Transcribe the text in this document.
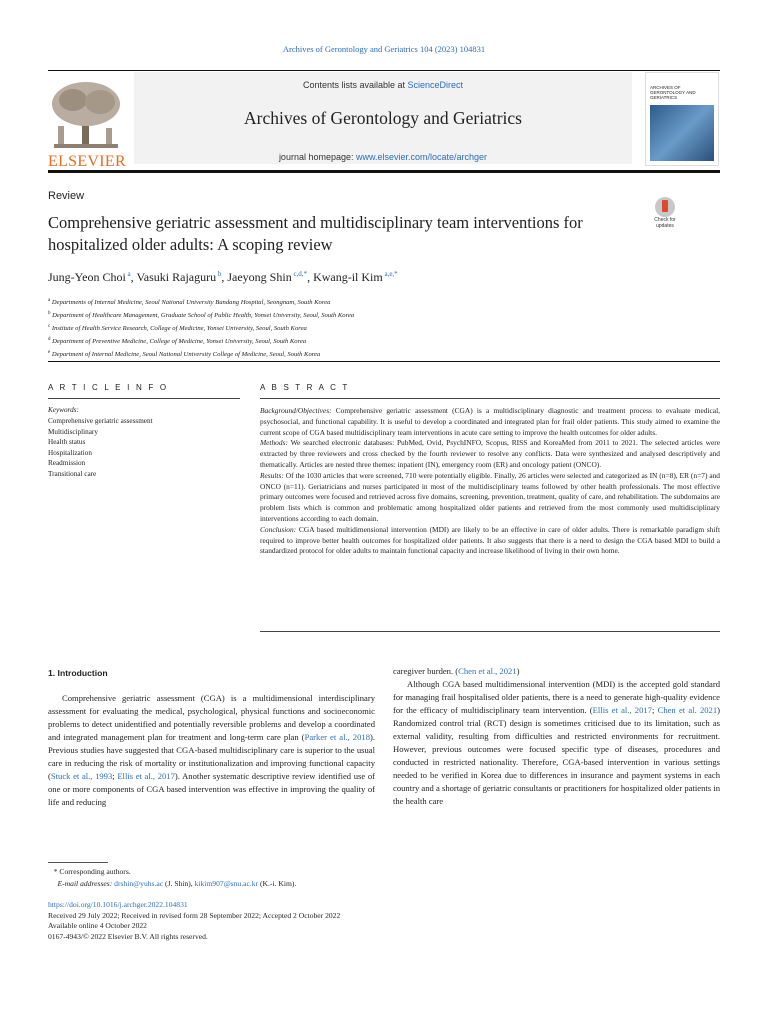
Archives of Gerontology and Geriatrics 104 (2023) 104831
ELSEVIER
Contents lists available at ScienceDirect
Archives of Gerontology and Geriatrics
journal homepage: www.elsevier.com/locate/archger
ARCHIVES OF GERONTOLOGY AND GERIATRICS
Review
Comprehensive geriatric assessment and multidisciplinary team interventions for hospitalized older adults: A scoping review
Check for updates
Jung-Yeon Choi $^a$, Vasuki Rajaguru $^b$, Jaeyong Shin $^{c,d,*}$, Kwang-il Kim $^{a,e,*}$
$^a$ Departments of Internal Medicine, Seoul National University Bundang Hospital, Seongnam, South Korea
$^b$ Department of Healthcare Management, Graduate School of Public Health, Yonsei University, Seoul, South Korea
$^c$ Institute of Health Service Research, College of Medicine, Yonsei University, Seoul, South Korea
$^d$ Department of Preventive Medicine, College of Medicine, Yonsei University, Seoul, South Korea
$^e$ Department of Internal Medicine, Seoul National University College of Medicine, Seoul, South Korea
A R T I C L E I N F O	A B S T R A C T
Keywords:
Comprehensive geriatric assessment
Multidisciplinary
Health status
Hospitalization
Readmission
Transitional care

Background/Objectives: Comprehensive geriatric assessment (CGA) is a multidisciplinary diagnostic and treatment process to evaluate medical, psychosocial, and functional capability. It is useful to develop a coordinated and integrated plan for frail older patients. This study aimed to examine the current scope of CGA based multidisciplinary team interventions in acute care setting to improve the health outcomes for older adults.

Methods: We searched electronic databases: PubMed, Ovid, PsychINFO, Scopus, RISS and KoreaMed from 2011 to 2021. The selected articles were extracted by three reviewers and cross checked by the fourth reviewer to resolve any conflicts. Data were synthesized and analysed descriptively and thematically. Articles are nested three themes: inpatient (IN), emergency room (ER) and oncology patient (ONCO).

Results: Of the 1030 articles that were screened, 710 were potentially eligible. Finally, 26 articles were selected and categorized as IN (n=8), ER (n=7) and ONCO (n=11). Geriatricians and nurses participated in most of the multidisciplinary teams followed by other health professionals. The most effective primary outcomes were focused and retrieved across five domains, screening, prevention, treatment, quality of care, and rehabilitation. The subdomains are problem lists which is common and problematic among hospitalized older patients and retrieved from the most commonly used multidisciplinary interventions according to each domain.

Conclusion: CGA based multidimensional intervention (MDI) are likely to be an effective in care of older adults. There is remarkable paradigm shift required to improve better health outcomes for hospitalized older patients. It also suggests that there is a need to design the CGA based MDI to build a standardized protocol for older adults to maintain functional capacity and increase likelihood of living in their own home.

1. Introduction

Comprehensive geriatric assessment (CGA) is a multidimensional interdisciplinary assessment for evaluating the medical, psychological, physical functions and socioeconomic problems to detect unidentified and potentially reversible problems and develop a coordinated and integrated management plan for treatment and long-term care plan (Parker et al., 2018). Previous studies have suggested that CGA-based multidisciplinary care is superior to the usual care in reducing the risk of mortality or institutionalization and improving functional capacity (Stuck et al., 1993; Ellis et al., 2017). Another systematic descriptive review identified use of one or more components of CGA based intervention was effective in improving the quality of life and reducing

caregiver burden. (Chen et al., 2021)

Although CGA based multidimensional intervention (MDI) is the accepted gold standard for managing frail hospitalised older patients, there is a need to generate high-quality evidence for the efficacy of multidisciplinary team intervention. (Ellis et al., 2017; Chen et al. 2021) Randomized control trial (RCT) design is sometimes criticised due to its limitation, such as external validity, resulting from difficulties and restricted environments for recruitment. However, previous outcomes were focused specific type of diseases, procedures and conducted in restricted nationality. Therefore, CGA-based intervention in various settings needed to be verified in Korea due to differences in insurance and payment systems in each country and a shortage of geriatric consultants or practitioners for hospitalized older patients in the health care

* Corresponding authors.
E-mail addresses: drshin@yuhs.ac (J. Shin), kikim907@snu.ac.kr (K.-i. Kim).
https://doi.org/10.1016/j.archger.2022.104831
Received 29 July 2022; Received in revised form 28 September 2022; Accepted 2 October 2022
Available online 4 October 2022
0167-4943/© 2022 Elsevier B.V. All rights reserved.
